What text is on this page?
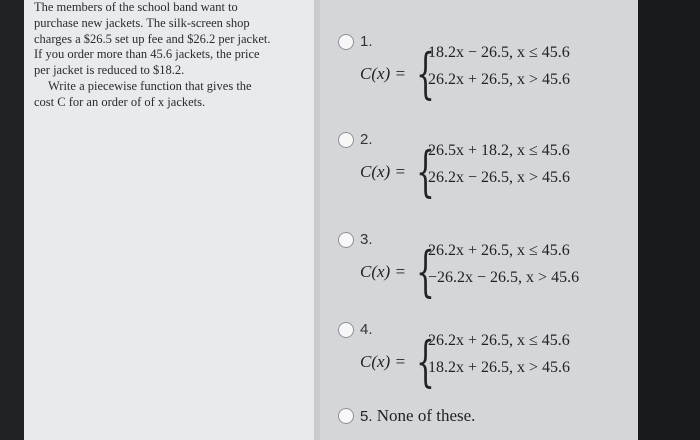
The members of the school band want to

purchase new jackets. The silk-screen shop

charges a $26.5 set up fee and $26.2 per jacket.

If you order more than 45.6 jackets, the price

per jacket is reduced to $18.2.

Write a piecewise function that gives the

cost C for an order of of x jackets.

1.
C(x) = {
18.2x − 26.5, x ≤ 45.6
26.2x + 26.5, x > 45.6
2.
C(x) = {
26.5x + 18.2, x ≤ 45.6
26.2x − 26.5, x > 45.6
3.
C(x) = {
26.2x + 26.5, x ≤ 45.6
−26.2x − 26.5, x > 45.6
4.
C(x) = {
26.2x + 26.5, x ≤ 45.6
18.2x + 26.5, x > 45.6
5. None of these.
